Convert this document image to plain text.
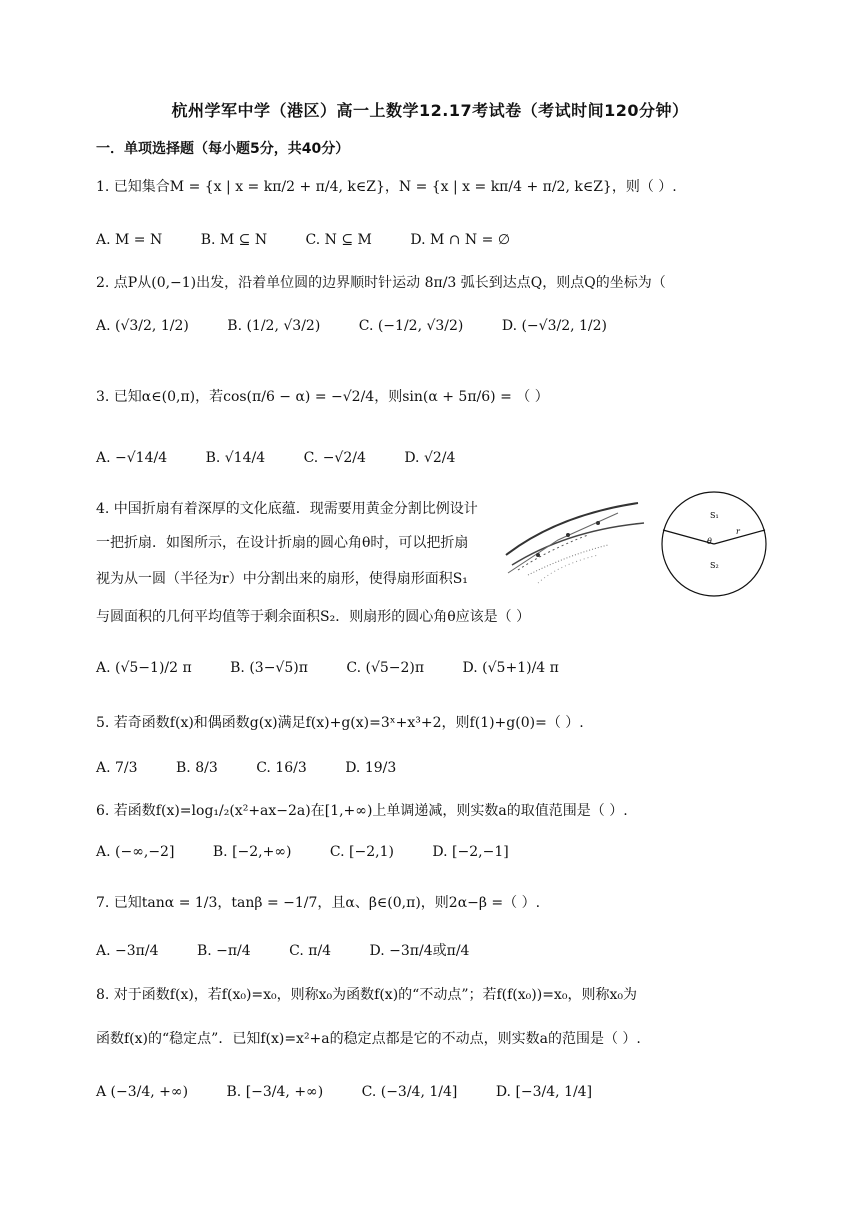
杭州学军中学（港区）高一上数学12.17考试卷（考试时间120分钟）
一．单项选择题（每小题5分，共40分）
1. 已知集合M = {x | x = kπ/2 + π/4, k∈Z}，N = {x | x = kπ/4 + π/2, k∈Z}，则（ ）.
A. M = N	B. M ⊆ N	C. N ⊆ M	D. M ∩ N = ∅
2. 点P从(0,−1)出发，沿着单位圆的边界顺时针运动 8π/3 弧长到达点Q，则点Q的坐标为（
A. (√3/2, 1/2)	B. (1/2, √3/2)	C. (−1/2, √3/2)	D. (−√3/2, 1/2)
3. 已知α∈(0,π)，若cos(π/6 − α) = −√2/4，则sin(α + 5π/6) = （ ）
A. −√14/4	B. √14/4	C. −√2/4	D. √2/4
4. 中国折扇有着深厚的文化底蕴．现需要用黄金分割比例设计
一把折扇．如图所示，在设计折扇的圆心角θ时，可以把折扇
视为从一圆（半径为r）中分割出来的扇形，使得扇形面积S₁
与圆面积的几何平均值等于剩余面积S₂．则扇形的圆心角θ应该是（ ）
S₁
θ
r
S₂
A. (√5−1)/2 π	B. (3−√5)π	C. (√5−2)π	D. (√5+1)/4 π
5. 若奇函数f(x)和偶函数g(x)满足f(x)+g(x)=3ˣ+x³+2，则f(1)+g(0)=（ ）.
A. 7/3	B. 8/3	C. 16/3	D. 19/3
6. 若函数f(x)=log₁/₂(x²+ax−2a)在[1,+∞)上单调递减，则实数a的取值范围是（ ）.
A. (−∞,−2]	B. [−2,+∞)	C. [−2,1)	D. [−2,−1]
7. 已知tanα = 1/3，tanβ = −1/7，且α、β∈(0,π)，则2α−β =（ ）.
A. −3π/4	B. −π/4	C. π/4	D. −3π/4或π/4
8. 对于函数f(x)，若f(x₀)=x₀，则称x₀为函数f(x)的“不动点”；若f(f(x₀))=x₀，则称x₀为
函数f(x)的“稳定点”．已知f(x)=x²+a的稳定点都是它的不动点，则实数a的范围是（ ）.
A (−3/4, +∞)	B. [−3/4, +∞)	C. (−3/4, 1/4]	D. [−3/4, 1/4]
